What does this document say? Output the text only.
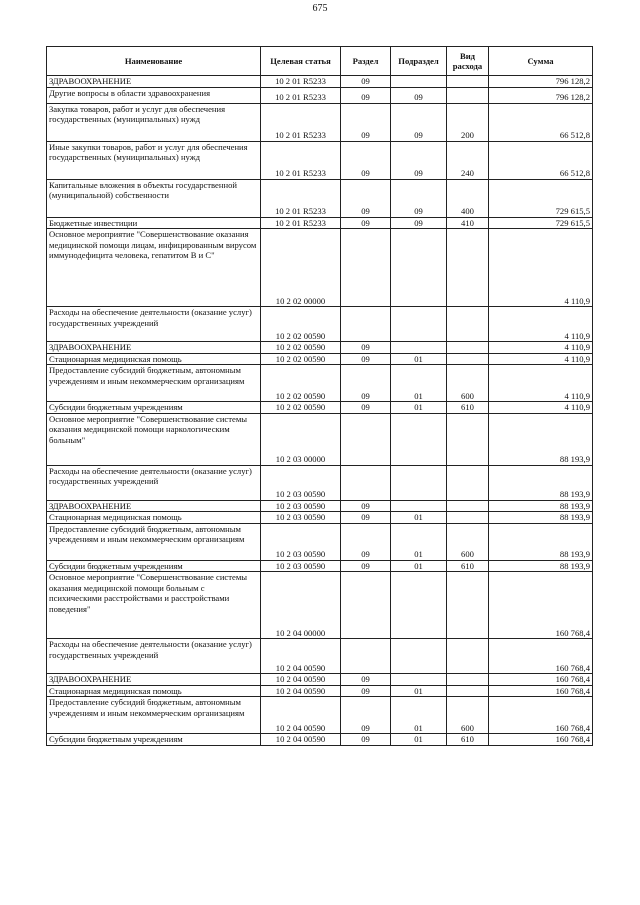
675
Наименование	Целевая статья	Раздел	Подраздел	Вид расхода	Сумма
ЗДРАВООХРАНЕНИЕ	10 2 01 R5233	09			796 128,2
Другие вопросы в области здравоохранения	10 2 01 R5233	09	09		796 128,2
Закупка товаров, работ и услуг для обеспечения государственных (муниципальных) нужд	10 2 01 R5233	09	09	200	66 512,8
Иные закупки товаров, работ и услуг для обеспечения государственных (муниципальных) нужд	10 2 01 R5233	09	09	240	66 512,8
Капитальные вложения в объекты государственной (муниципальной) собственности	10 2 01 R5233	09	09	400	729 615,5
Бюджетные инвестиции	10 2 01 R5233	09	09	410	729 615,5
Основное мероприятие "Совершенствование оказания медицинской помощи лицам, инфицированным вирусом иммунодефицита человека, гепатитом В и С"	10 2 02 00000				4 110,9
Расходы на обеспечение деятельности (оказание услуг) государственных учреждений	10 2 02 00590				4 110,9
ЗДРАВООХРАНЕНИЕ	10 2 02 00590	09			4 110,9
Стационарная медицинская помощь	10 2 02 00590	09	01		4 110,9
Предоставление субсидий бюджетным, автономным учреждениям и иным некоммерческим организациям	10 2 02 00590	09	01	600	4 110,9
Субсидии бюджетным учреждениям	10 2 02 00590	09	01	610	4 110,9
Основное мероприятие "Совершенствование системы оказания медицинской помощи наркологическим больным"	10 2 03 00000				88 193,9
Расходы на обеспечение деятельности (оказание услуг) государственных учреждений	10 2 03 00590				88 193,9
ЗДРАВООХРАНЕНИЕ	10 2 03 00590	09			88 193,9
Стационарная медицинская помощь	10 2 03 00590	09	01		88 193,9
Предоставление субсидий бюджетным, автономным учреждениям и иным некоммерческим организациям	10 2 03 00590	09	01	600	88 193,9
Субсидии бюджетным учреждениям	10 2 03 00590	09	01	610	88 193,9
Основное мероприятие "Совершенствование системы оказания медицинской помощи больным с психическими расстройствами и расстройствами поведения"	10 2 04 00000				160 768,4
Расходы на обеспечение деятельности (оказание услуг) государственных учреждений	10 2 04 00590				160 768,4
ЗДРАВООХРАНЕНИЕ	10 2 04 00590	09			160 768,4
Стационарная медицинская помощь	10 2 04 00590	09	01		160 768,4
Предоставление субсидий бюджетным, автономным учреждениям и иным некоммерческим организациям	10 2 04 00590	09	01	600	160 768,4
Субсидии бюджетным учреждениям	10 2 04 00590	09	01	610	160 768,4
